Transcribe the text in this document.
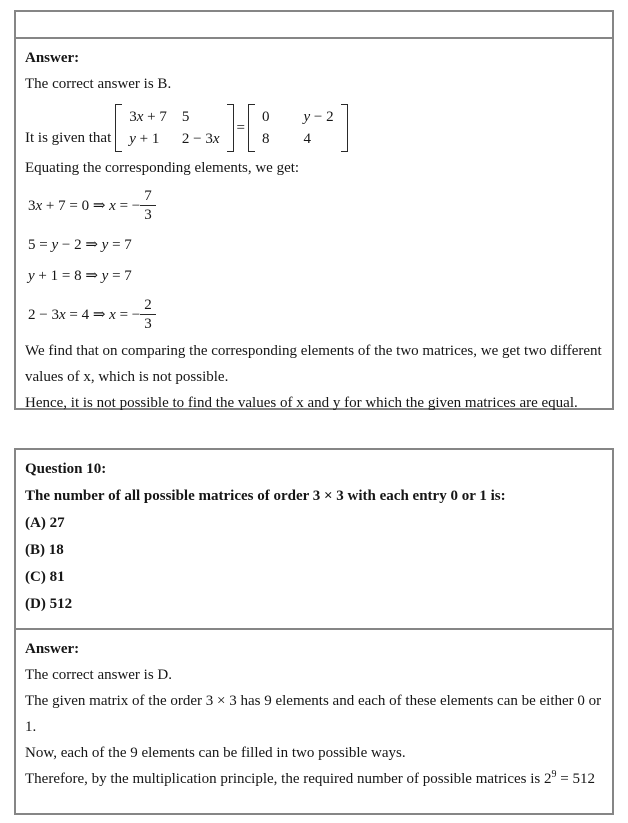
Answer:

The correct answer is B.

It is given that
3x + 7 5
y + 1	2 − 3x
=
0 y − 2
8 4

Equating the corresponding elements, we get:

3x + 7 = 0 ⇒ x = − $\frac{7}{3}$
5 = y − 2 ⇒ y = 7
y + 1 = 8 ⇒ y = 7
2 − 3x = 4 ⇒ x = − $\frac{2}{3}$

We find that on comparing the corresponding elements of the two matrices, we get two different values of x, which is not possible.

Hence, it is not possible to find the values of x and y for which the given matrices are equal.

Question 10:

The number of all possible matrices of order 3 × 3 with each entry 0 or 1 is:

(A) 27

(B) 18

(C) 81

(D) 512

Answer:

The correct answer is D.

The given matrix of the order 3 × 3 has 9 elements and each of these elements can be either 0 or 1.

Now, each of the 9 elements can be filled in two possible ways.

Therefore, by the multiplication principle, the required number of possible matrices is $2^9 = 512$
